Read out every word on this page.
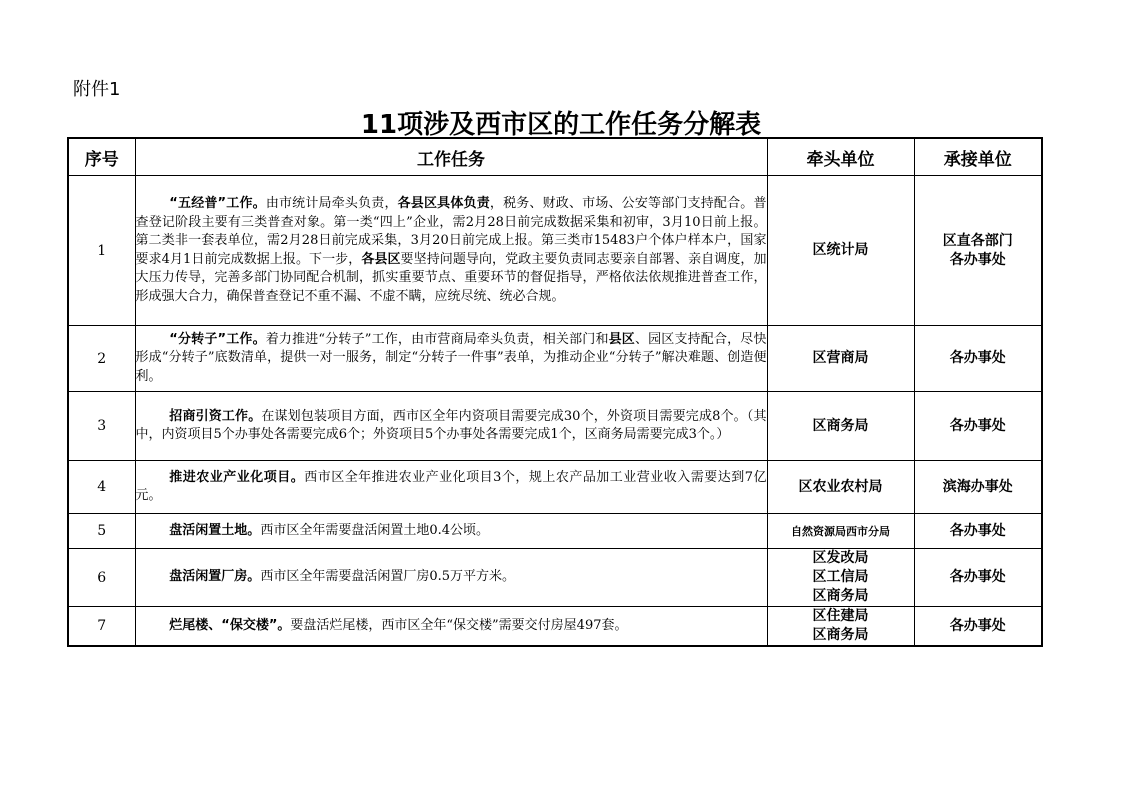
附件1
11项涉及西市区的工作任务分解表
序号	工作任务	牵头单位	承接单位
1	“五经普”工作。由市统计局牵头负责，各县区具体负责，税务、财政、市场、公安等部门支持配合。普查登记阶段主要有三类普查对象。第一类“四上”企业，需2月28日前完成数据采集和初审，3月10日前上报。第二类非一套表单位，需2月28日前完成采集，3月20日前完成上报。第三类市15483户个体户样本户，国家要求4月1日前完成数据上报。下一步，各县区要坚持问题导向，党政主要负责同志要亲自部署、亲自调度，加大压力传导，完善多部门协同配合机制，抓实重要节点、重要环节的督促指导，严格依法依规推进普查工作，形成强大合力，确保普查登记不重不漏、不虚不瞒，应统尽统、统必合规。	区统计局	区直各部门
各办事处

2	“分转子”工作。着力推进“分转子”工作，由市营商局牵头负责，相关部门和县区、园区支持配合，尽快形成“分转子”底数清单，提供一对一服务，制定“分转子一件事”表单，为推动企业“分转子”解决难题、创造便利。	区营商局	各办事处
3	招商引资工作。在谋划包装项目方面，西市区全年内资项目需要完成30个，外资项目需要完成8个。（其中，内资项目5个办事处各需要完成6个；外资项目5个办事处各需要完成1个，区商务局需要完成3个。）	区商务局	各办事处
4	推进农业产业化项目。西市区全年推进农业产业化项目3个，规上农产品加工业营业收入需要达到7亿元。	区农业农村局	滨海办事处
5	盘活闲置土地。西市区全年需要盘活闲置土地0.4公顷。	自然资源局西市分局	各办事处
6	盘活闲置厂房。西市区全年需要盘活闲置厂房0.5万平方米。	区发改局
区工信局
区商务局	各办事处
7	烂尾楼、“保交楼”。要盘活烂尾楼，西市区全年“保交楼”需要交付房屋497套。	区住建局
区商务局	各办事处
